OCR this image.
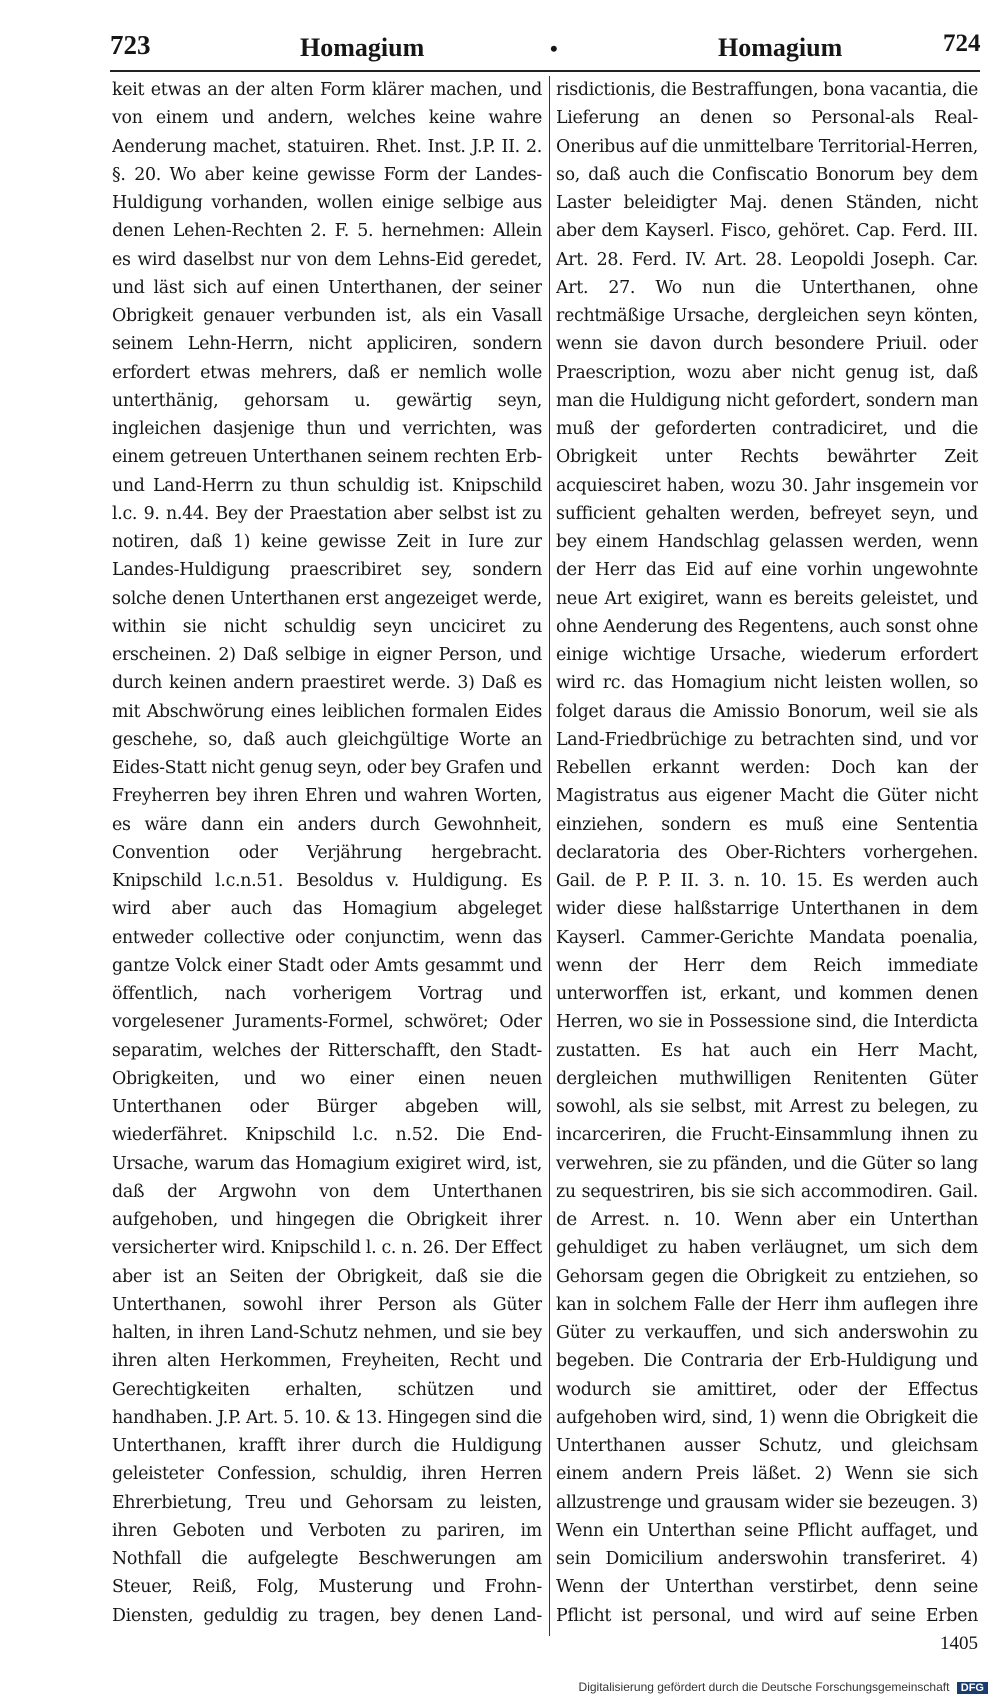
723	Homagium	•	Homagium	724

keit etwas an der alten Form klärer machen, und von einem und andern, welches keine wahre Aenderung machet, statuiren. Rhet. Inst. J.P. II. 2. §. 20. Wo aber keine gewisse Form der Landes-Huldigung vorhanden, wollen einige selbige aus denen Lehen-Rechten 2. F. 5. hernehmen: Allein es wird daselbst nur von dem Lehns-Eid geredet, und läst sich auf einen Unterthanen, der seiner Obrigkeit genauer verbunden ist, als ein Vasall seinem Lehn-Herrn, nicht appliciren, sondern erfordert etwas mehrers, daß er nemlich wolle unterthänig, gehorsam u. gewärtig seyn, ingleichen dasjenige thun und verrichten, was einem getreuen Unterthanen seinem rechten Erb-und Land-Herrn zu thun schuldig ist. Knipschild l.c. 9. n.44. Bey der Praestation aber selbst ist zu notiren, daß 1) keine gewisse Zeit in Iure zur Landes-Huldigung praescribiret sey, sondern solche denen Unterthanen erst angezeiget werde, within sie nicht schuldig seyn unciciret zu erscheinen. 2) Daß selbige in eigner Person, und durch keinen andern praestiret werde. 3) Daß es mit Abschwörung eines leiblichen formalen Eides geschehe, so, daß auch gleichgültige Worte an Eides-Statt nicht genug seyn, oder bey Grafen und Freyherren bey ihren Ehren und wahren Worten, es wäre dann ein anders durch Gewohnheit, Convention oder Verjährung hergebracht. Knipschild l.c.n.51. Besoldus v. Huldigung. Es wird aber auch das Homagium abgeleget entweder collective oder conjunctim, wenn das gantze Volck einer Stadt oder Amts gesammt und öffentlich, nach vorherigem Vortrag und vorgelesener Juraments-Formel, schwöret; Oder separatim, welches der Ritterschafft, den Stadt-Obrigkeiten, und wo einer einen neuen Unterthanen oder Bürger abgeben will, wiederfähret. Knipschild l.c. n.52. Die End-Ursache, warum das Homagium exigiret wird, ist, daß der Argwohn von dem Unterthanen aufgehoben, und hingegen die Obrigkeit ihrer versicherter wird. Knipschild l. c. n. 26. Der Effect aber ist an Seiten der Obrigkeit, daß sie die Unterthanen, sowohl ihrer Person als Güter halten, in ihren Land-Schutz nehmen, und sie bey ihren alten Herkommen, Freyheiten, Recht und Gerechtigkeiten erhalten, schützen und handhaben. J.P. Art. 5. 10. & 13. Hingegen sind die Unterthanen, krafft ihrer durch die Huldigung geleisteter Confession, schuldig, ihren Herren Ehrerbietung, Treu und Gehorsam zu leisten, ihren Geboten und Verboten zu pariren, im Nothfall die aufgelegte Beschwerungen am Steuer, Reiß, Folg, Musterung und Frohn-Diensten, geduldig zu tragen, bey denen Land-

risdictionis, die Bestraffungen, bona vacantia, die Lieferung an denen so Personal-als Real-Oneribus auf die unmittelbare Territorial-Herren, so, daß auch die Confiscatio Bonorum bey dem Laster beleidigter Maj. denen Ständen, nicht aber dem Kayserl. Fisco, gehöret. Cap. Ferd. III. Art. 28. Ferd. IV. Art. 28. Leopoldi Joseph. Car. Art. 27. Wo nun die Unterthanen, ohne rechtmäßige Ursache, dergleichen seyn könten, wenn sie davon durch besondere Priuil. oder Praescription, wozu aber nicht genug ist, daß man die Huldigung nicht gefordert, sondern man muß der geforderten contradiciret, und die Obrigkeit unter Rechts bewährter Zeit acquiesciret haben, wozu 30. Jahr insgemein vor sufficient gehalten werden, befreyet seyn, und bey einem Handschlag gelassen werden, wenn der Herr das Eid auf eine vorhin ungewohnte neue Art exigiret, wann es bereits geleistet, und ohne Aenderung des Regentens, auch sonst ohne einige wichtige Ursache, wiederum erfordert wird rc. das Homagium nicht leisten wollen, so folget daraus die Amissio Bonorum, weil sie als Land-Friedbrüchige zu betrachten sind, und vor Rebellen erkannt werden: Doch kan der Magistratus aus eigener Macht die Güter nicht einziehen, sondern es muß eine Sententia declaratoria des Ober-Richters vorhergehen. Gail. de P. P. II. 3. n. 10. 15. Es werden auch wider diese halßstarrige Unterthanen in dem Kayserl. Cammer-Gerichte Mandata poenalia, wenn der Herr dem Reich immediate unterworffen ist, erkant, und kommen denen Herren, wo sie in Possessione sind, die Interdicta zustatten. Es hat auch ein Herr Macht, dergleichen muthwilligen Renitenten Güter sowohl, als sie selbst, mit Arrest zu belegen, zu incarceriren, die Frucht-Einsammlung ihnen zu verwehren, sie zu pfänden, und die Güter so lang zu sequestriren, bis sie sich accommodiren. Gail. de Arrest. n. 10. Wenn aber ein Unterthan gehuldiget zu haben verläugnet, um sich dem Gehorsam gegen die Obrigkeit zu entziehen, so kan in solchem Falle der Herr ihm auflegen ihre Güter zu verkauffen, und sich anderswohin zu begeben. Die Contraria der Erb-Huldigung und wodurch sie amittiret, oder der Effectus aufgehoben wird, sind, 1) wenn die Obrigkeit die Unterthanen ausser Schutz, und gleichsam einem andern Preis läßet. 2) Wenn sie sich allzustrenge und grausam wider sie bezeugen. 3) Wenn ein Unterthan seine Pflicht auffaget, und sein Domicilium anderswohin transferiret. 4) Wenn der Unterthan verstirbet, denn seine Pflicht ist personal, und wird auf seine Erben

1405
Digitalisierung gefördert durch die Deutsche Forschungsgemeinschaft DFG
